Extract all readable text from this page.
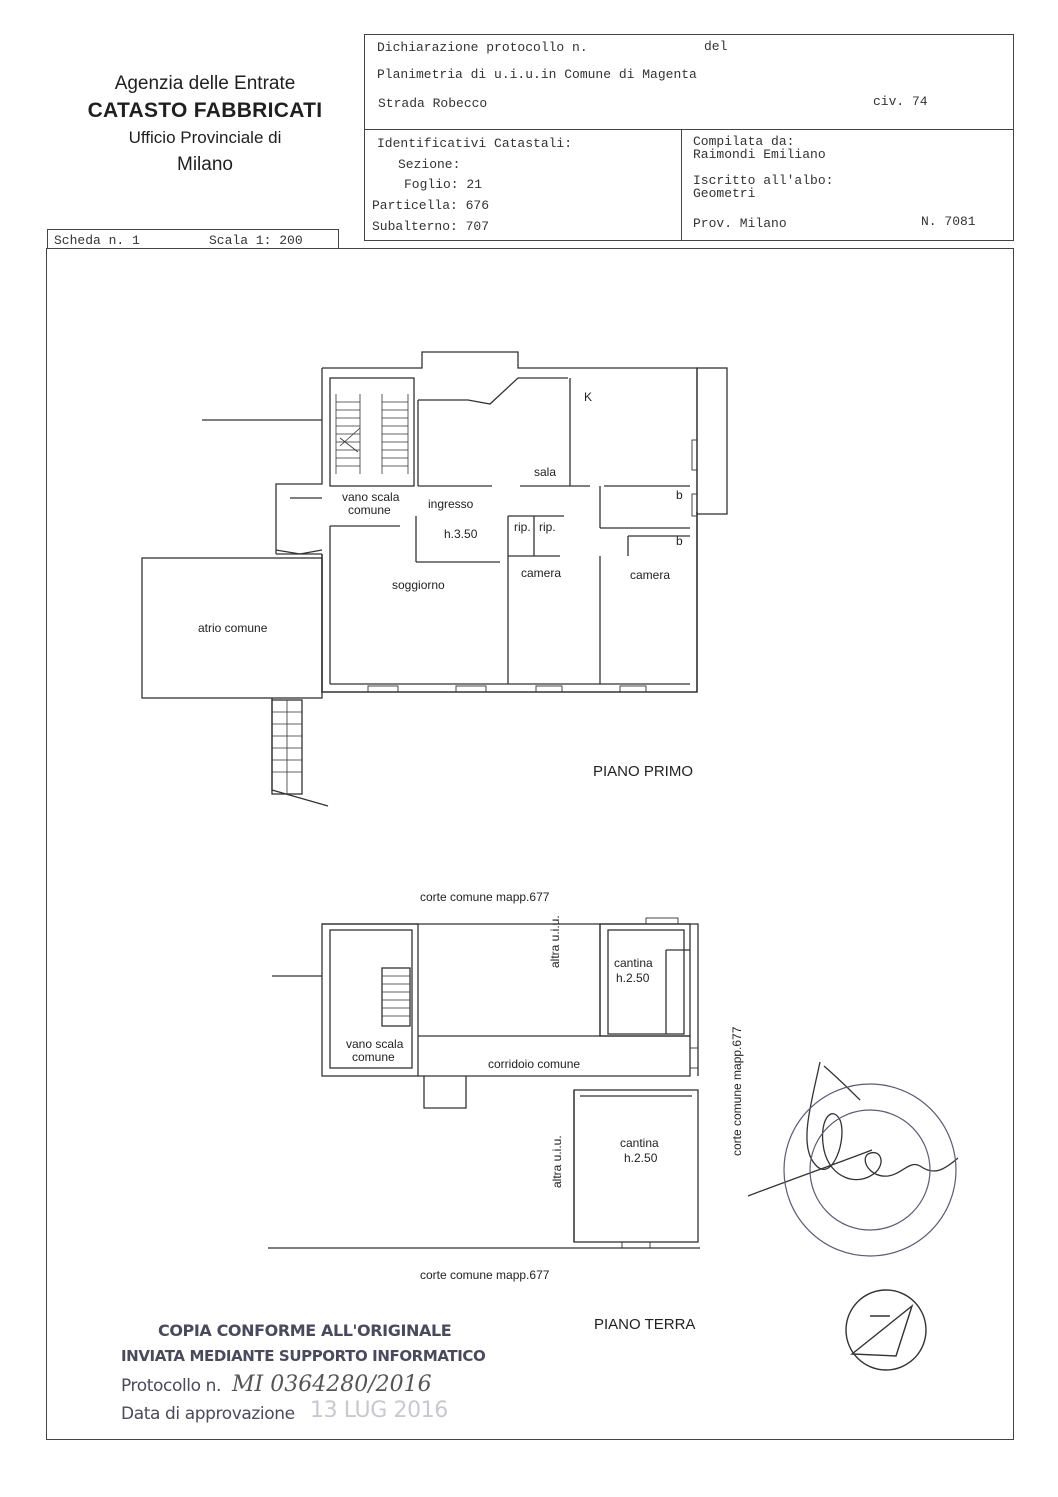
Agenzia delle Entrate
CATASTO FABBRICATI
Ufficio Provinciale di
Milano
Dichiarazione protocollo n.	del
Planimetria di u.i.u.in Comune di Magenta
Strada Robecco	civ. 74
Identificativi Catastali:
Sezione:
Foglio: 21
Particella: 676
Subalterno: 707
Compilata da:
Raimondi Emiliano
Iscritto all'albo:
Geometri
Prov. Milano	N. 7081
Scheda n. 1	Scala 1: 200
vano scala
comune	ingresso
h.3.50
sala
K
b
b
rip. rip.
soggiorno
camera	camera
atrio comune
PIANO PRIMO
corte comune mapp.677
vano scala
comune	corridoio comune
cantina
h.2.50
cantina
h.2.50
altra u.i.u.
altra u.i.u.
corte comune mapp.677
corte comune mapp.677
PIANO TERRA
COPIA CONFORME ALL'ORIGINALE
INVIATA MEDIANTE SUPPORTO INFORMATICO
Protocollo n. MI 0364280/2016
Data di approvazione 13 LUG 2016
